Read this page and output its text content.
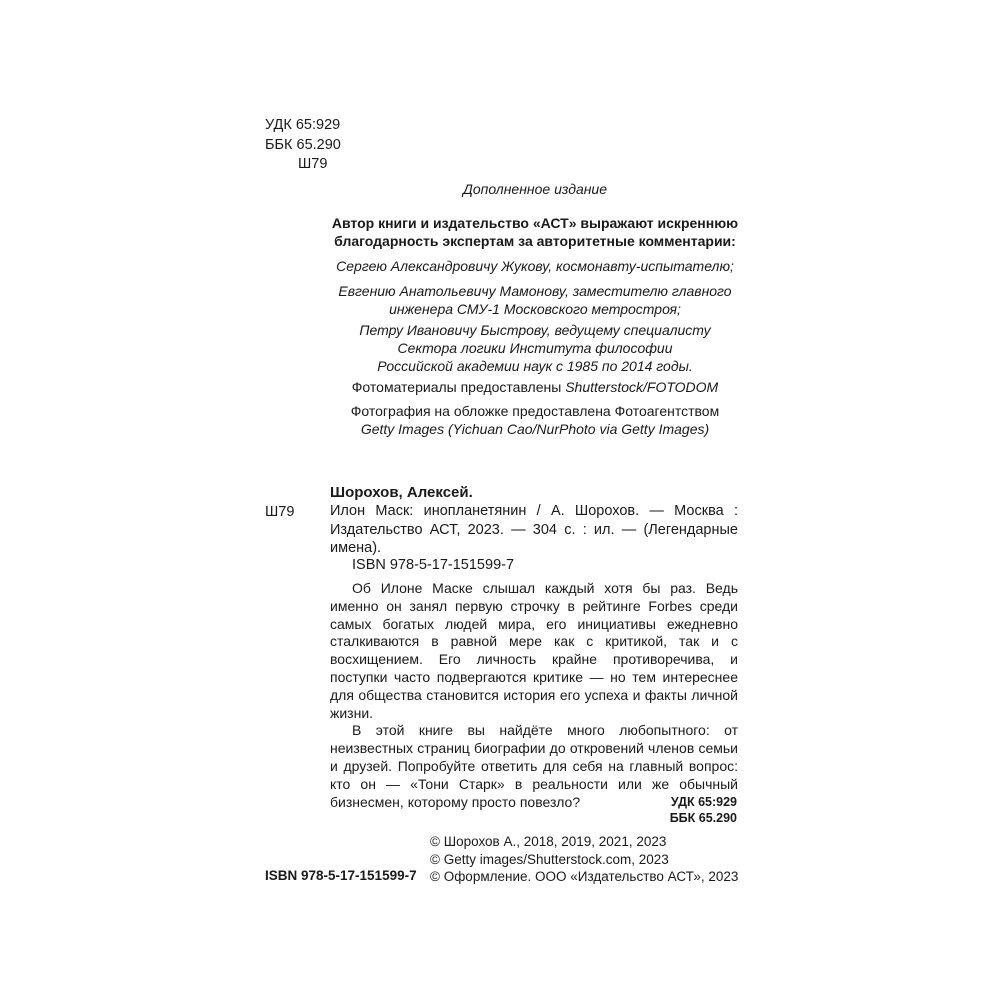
УДК 65:929
ББК 65.290
Ш79
Дополненное издание
Автор книги и издательство «АСТ» выражают искреннюю
благодарность экспертам за авторитетные комментарии:
Сергею Александровичу Жукову, космонавту-испытателю;
Евгению Анатольевичу Мамонову, заместителю главного
инженера СМУ-1 Московского метростроя;
Петру Ивановичу Быстрову, ведущему специалисту
Сектора логики Института философии
Российской академии наук с 1985 по 2014 годы.
Фотоматериалы предоставлены Shutterstock/FOTODOM
Фотография на обложке предоставлена Фотоагентством
Getty Images (Yichuan Cao/NurPhoto via Getty Images)
Шорохов, Алексей.
Ш79 Илон Маск: инопланетянин / А. Шорохов. — Москва : Издательство АСТ, 2023. — 304 с. : ил. — (Легендарные имена).
ISBN 978-5-17-151599-7

Об Илоне Маске слышал каждый хотя бы раз. Ведь именно он занял первую строчку в рейтинге Forbes среди самых богатых людей мира, его инициативы ежедневно сталкиваются в равной мере как с критикой, так и с восхищением. Его личность крайне противоречива, и поступки часто подвергаются критике — но тем интереснее для общества становится история его успеха и факты личной жизни.

В этой книге вы найдёте много любопытного: от неизвестных страниц биографии до откровений членов семьи и друзей. Попробуйте ответить для себя на главный вопрос: кто он — «Тони Старк» в реальности или же обычный бизнесмен, которому просто повезло?	УДК 65:929
ББК 65.290
© Шорохов А., 2018, 2019, 2021, 2023
© Getty images/Shutterstock.com, 2023
© Оформление. ООО «Издательство АСТ», 2023
ISBN 978-5-17-151599-7
